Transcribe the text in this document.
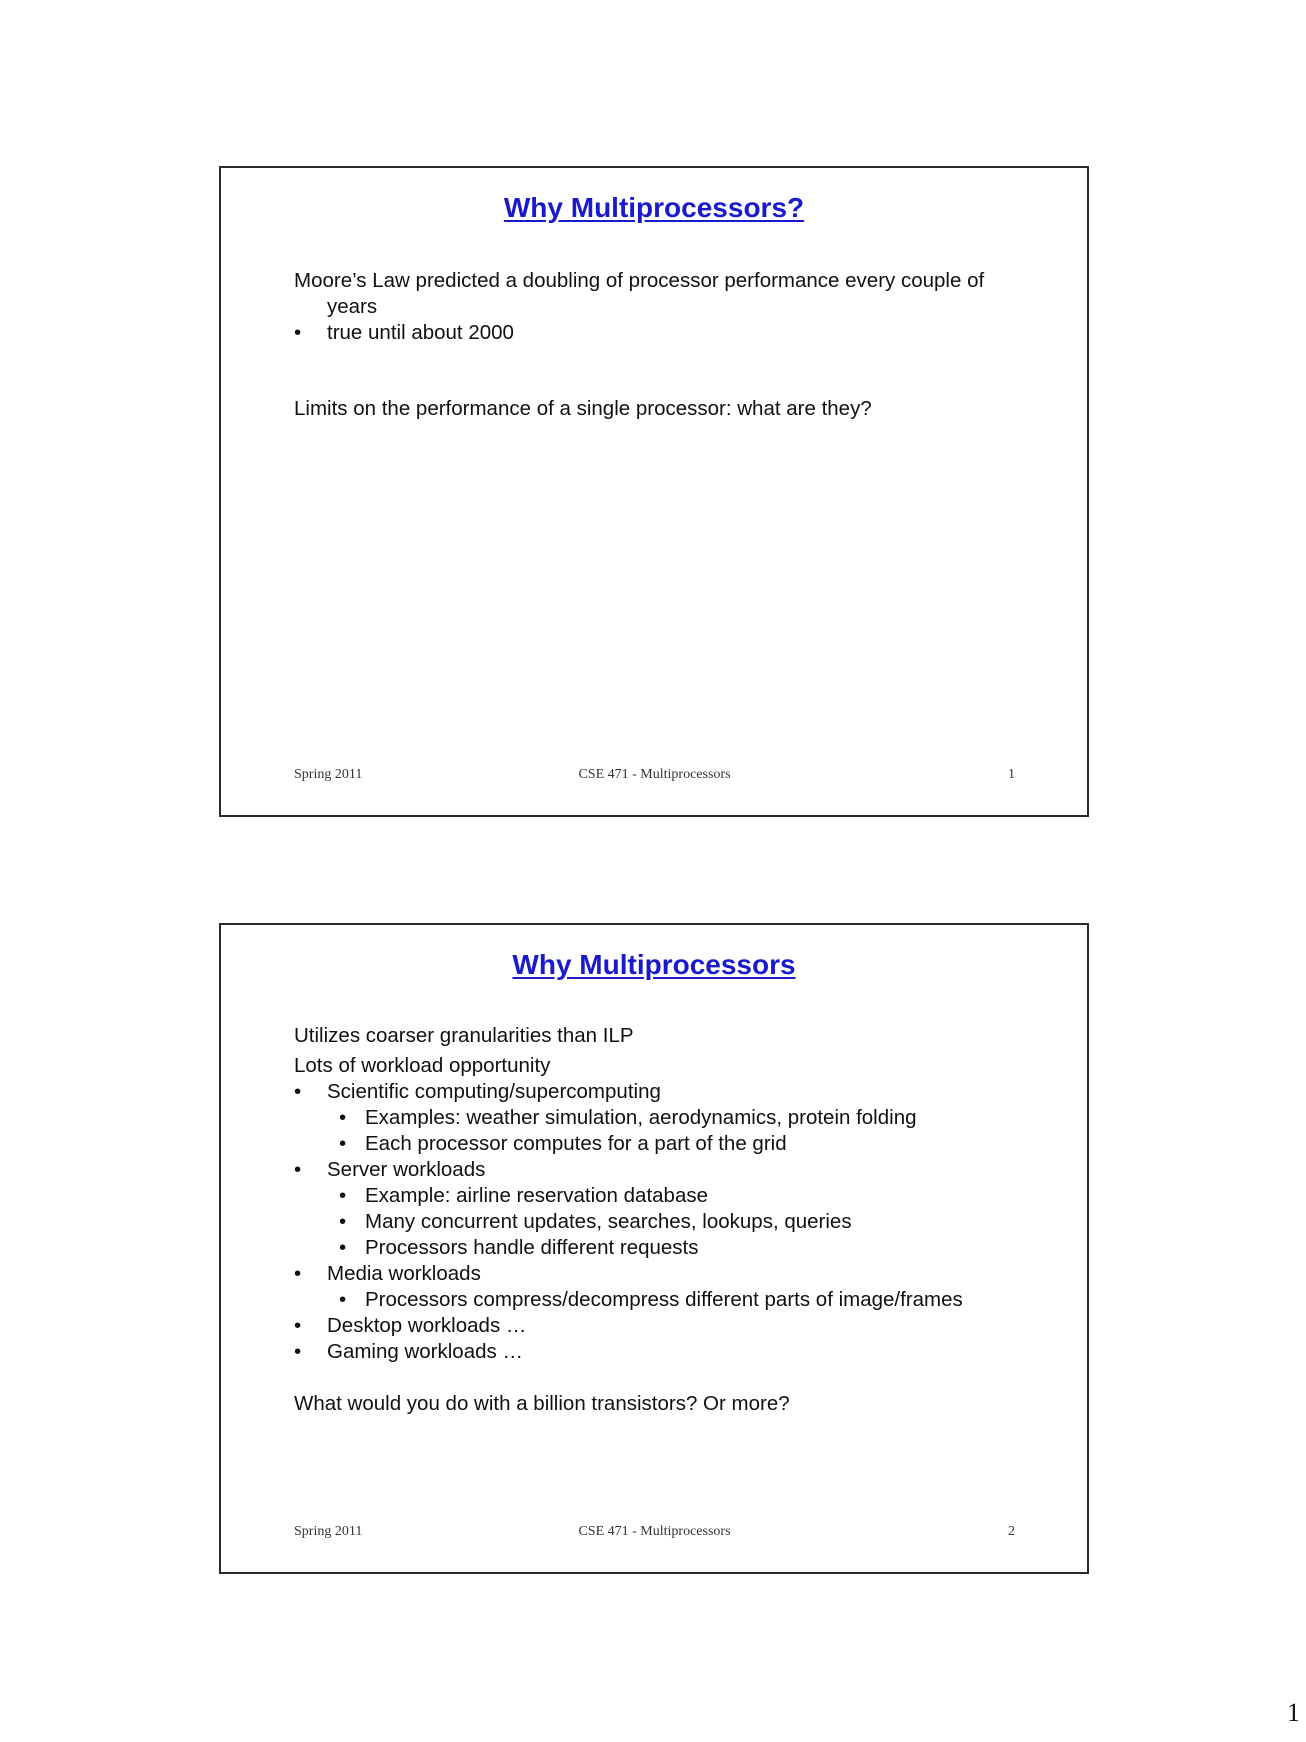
Why Multiprocessors?

Moore’s Law predicted a doubling of processor performance every couple of years

• true until about 2000

Limits on the performance of a single processor: what are they?

Spring 2011	CSE 471 - Multiprocessors	1
Why Multiprocessors

Utilizes coarser granularities than ILP

Lots of workload opportunity

• Scientific computing/supercomputing
• Examples: weather simulation, aerodynamics, protein folding
• Each processor computes for a part of the grid
• Server workloads
• Example: airline reservation database
• Many concurrent updates, searches, lookups, queries
• Processors handle different requests
• Media workloads
• Processors compress/decompress different parts of image/frames
• Desktop workloads …
• Gaming workloads …

What would you do with a billion transistors? Or more?

Spring 2011	CSE 471 - Multiprocessors	2
1
